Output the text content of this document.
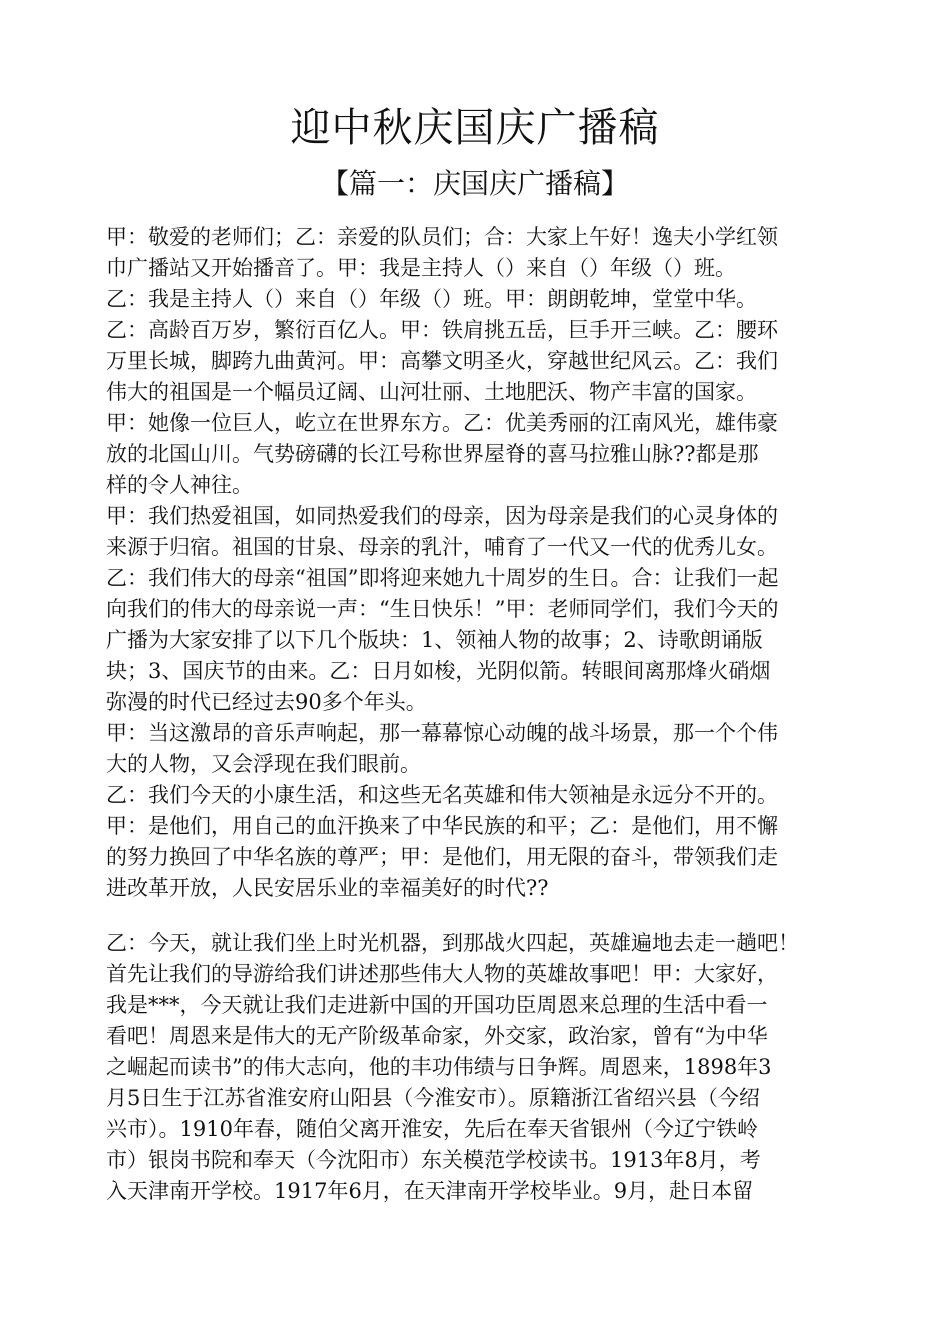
迎中秋庆国庆广播稿
【篇一：庆国庆广播稿】
甲：敬爱的老师们；乙：亲爱的队员们；合：大家上午好！逸夫小学红领
巾广播站又开始播音了。甲：我是主持人（）来自（）年级（）班。
乙：我是主持人（）来自（）年级（）班。甲：朗朗乾坤，堂堂中华。
乙：高龄百万岁，繁衍百亿人。甲：铁肩挑五岳，巨手开三峡。乙：腰环
万里长城，脚跨九曲黄河。甲：高攀文明圣火，穿越世纪风云。乙：我们
伟大的祖国是一个幅员辽阔、山河壮丽、土地肥沃、物产丰富的国家。
甲：她像一位巨人，屹立在世界东方。乙：优美秀丽的江南风光，雄伟豪
放的北国山川。气势磅礴的长江号称世界屋脊的喜马拉雅山脉??都是那
样的令人神往。
甲：我们热爱祖国，如同热爱我们的母亲，因为母亲是我们的心灵身体的
来源于归宿。祖国的甘泉、母亲的乳汁，哺育了一代又一代的优秀儿女。
乙：我们伟大的母亲“祖国”即将迎来她九十周岁的生日。合：让我们一起
向我们的伟大的母亲说一声：“生日快乐！”甲：老师同学们，我们今天的
广播为大家安排了以下几个版块：1、领袖人物的故事；2、诗歌朗诵版
块；3、国庆节的由来。乙：日月如梭，光阴似箭。转眼间离那烽火硝烟
弥漫的时代已经过去90多个年头。
甲：当这激昂的音乐声响起，那一幕幕惊心动魄的战斗场景，那一个个伟
大的人物，又会浮现在我们眼前。
乙：我们今天的小康生活，和这些无名英雄和伟大领袖是永远分不开的。
甲：是他们，用自己的血汗换来了中华民族的和平；乙：是他们，用不懈
的努力换回了中华名族的尊严；甲：是他们，用无限的奋斗，带领我们走
进改革开放，人民安居乐业的幸福美好的时代??
乙：今天，就让我们坐上时光机器，到那战火四起，英雄遍地去走一趟吧！
首先让我们的导游给我们讲述那些伟大人物的英雄故事吧！甲：大家好，
我是***，今天就让我们走进新中国的开国功臣周恩来总理的生活中看一
看吧！周恩来是伟大的无产阶级革命家，外交家，政治家，曾有“为中华
之崛起而读书”的伟大志向，他的丰功伟绩与日争辉。周恩来，1898年3
月5日生于江苏省淮安府山阳县（今淮安市）。原籍浙江省绍兴县（今绍
兴市）。1910年春，随伯父离开淮安，先后在奉天省银州（今辽宁铁岭
市）银岗书院和奉天（今沈阳市）东关模范学校读书。1913年8月，考
入天津南开学校。1917年6月，在天津南开学校毕业。9月，赴日本留
